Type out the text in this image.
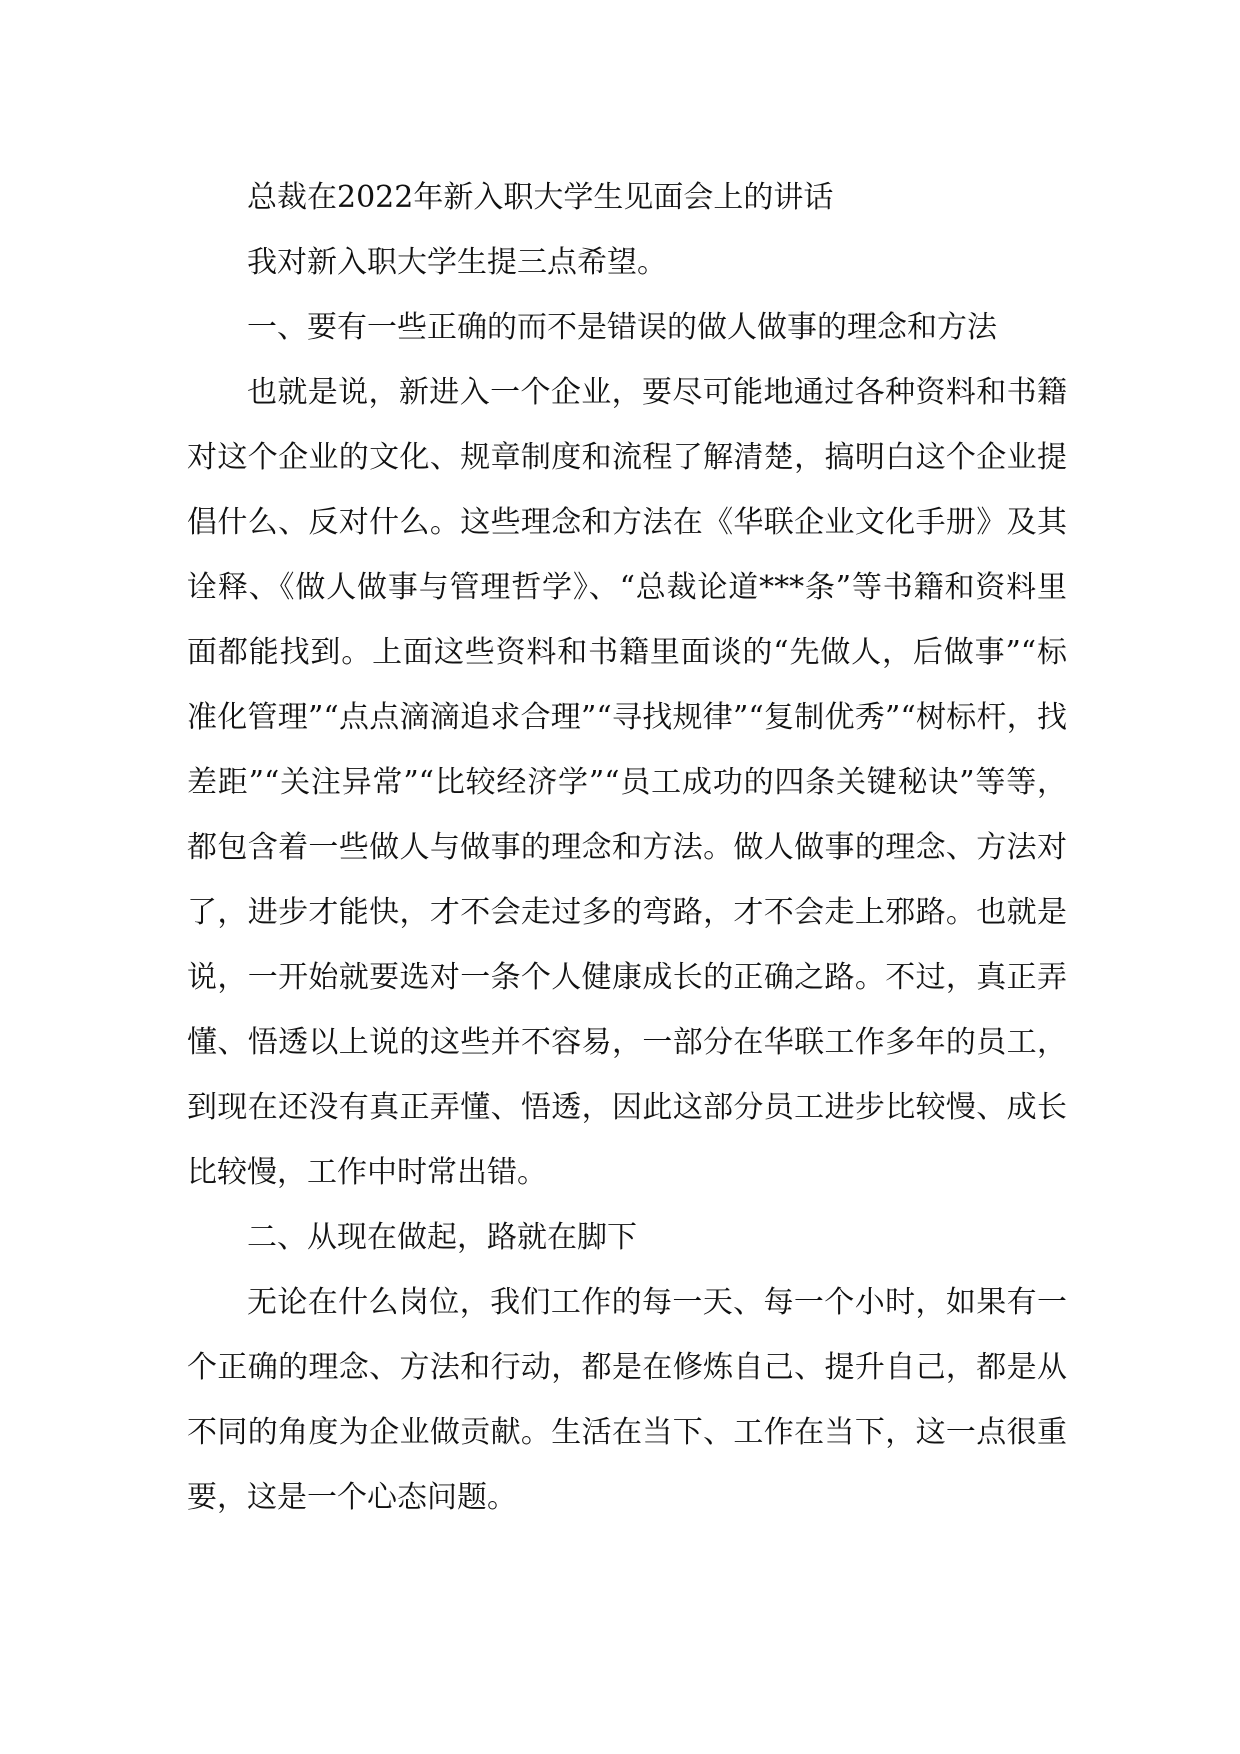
总裁在2022年新入职大学生见面会上的讲话

我对新入职大学生提三点希望。

一、要有一些正确的而不是错误的做人做事的理念和方法

也就是说，新进入一个企业，要尽可能地通过各种资料和书籍对这个企业的文化、规章制度和流程了解清楚，搞明白这个企业提倡什么、反对什么。这些理念和方法在《华联企业文化手册》及其诠释、《做人做事与管理哲学》、“总裁论道***条”等书籍和资料里面都能找到。上面这些资料和书籍里面谈的“先做人，后做事”“标准化管理”“点点滴滴追求合理”“寻找规律”“复制优秀”“树标杆，找差距”“关注异常”“比较经济学”“员工成功的四条关键秘诀”等等，都包含着一些做人与做事的理念和方法。做人做事的理念、方法对了，进步才能快，才不会走过多的弯路，才不会走上邪路。也就是说，一开始就要选对一条个人健康成长的正确之路。不过，真正弄懂、悟透以上说的这些并不容易，一部分在华联工作多年的员工，到现在还没有真正弄懂、悟透，因此这部分员工进步比较慢、成长比较慢，工作中时常出错。

二、从现在做起，路就在脚下

无论在什么岗位，我们工作的每一天、每一个小时，如果有一个正确的理念、方法和行动，都是在修炼自己、提升自己，都是从不同的角度为企业做贡献。生活在当下、工作在当下，这一点很重要，这是一个心态问题。
